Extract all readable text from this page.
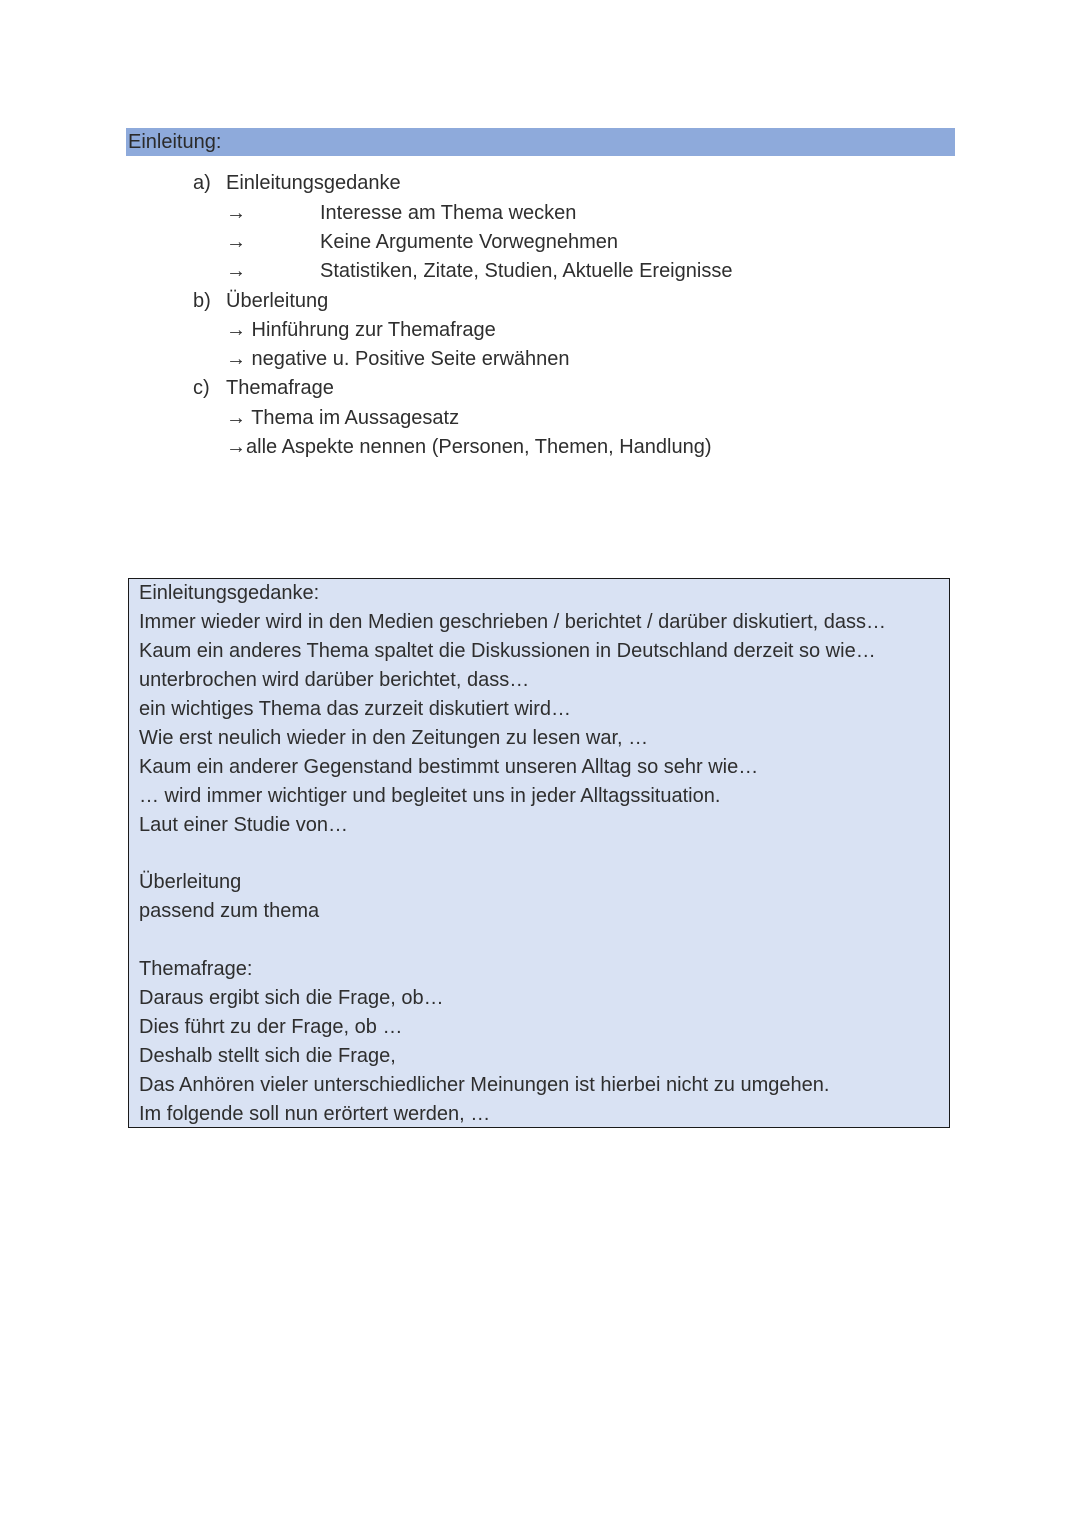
Einleitung:
a) Einleitungsgedanke
→	Interesse am Thema wecken
→	Keine Argumente Vorwegnehmen
→	Statistiken, Zitate, Studien, Aktuelle Ereignisse
b) Überleitung
→ Hinführung zur Themafrage
→ negative u. Positive Seite erwähnen
c) Themafrage
→ Thema im Aussagesatz
→alle Aspekte nennen (Personen, Themen, Handlung)
Einleitungsgedanke:
Immer wieder wird in den Medien geschrieben / berichtet / darüber diskutiert, dass…
Kaum ein anderes Thema spaltet die Diskussionen in Deutschland derzeit so wie…
unterbrochen wird darüber berichtet, dass…
ein wichtiges Thema das zurzeit diskutiert wird…
Wie erst neulich wieder in den Zeitungen zu lesen war, …
Kaum ein anderer Gegenstand bestimmt unseren Alltag so sehr wie…
… wird immer wichtiger und begleitet uns in jeder Alltagssituation.
Laut einer Studie von…
Überleitung
passend zum thema
Themafrage:
Daraus ergibt sich die Frage, ob…
Dies führt zu der Frage, ob …
Deshalb stellt sich die Frage,
Das Anhören vieler unterschiedlicher Meinungen ist hierbei nicht zu umgehen.
Im folgende soll nun erörtert werden, …
